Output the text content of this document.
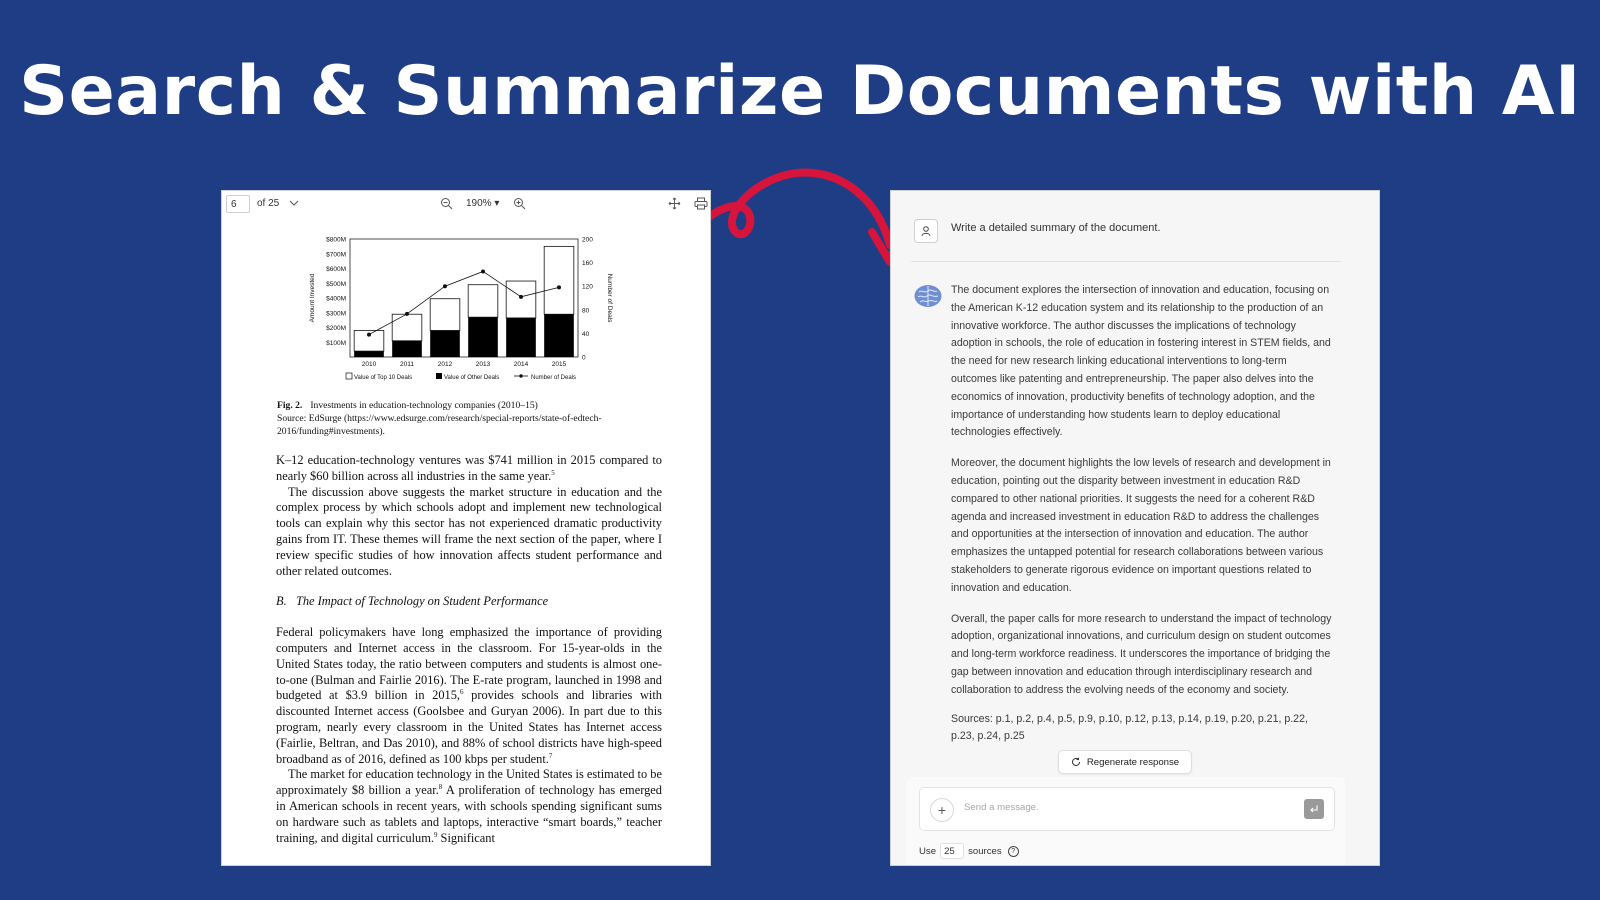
Search & Summarize Documents with AI
6	of 25	190% ▾
$100M
$200M
$300M
$400M
$500M
$600M
$700M
$800M
0
40
80
120
160
200
Amount Invested	Number of Deals
2010	2011	2012	2013	2014	2015
Value of Top 10 Deals	Value of Other Deals	Number of Deals
Fig. 2. Investments in education-technology companies (2010–15)
Source: EdSurge (https://www.edsurge.com/research/special-reports/state-of-edtech-2016/funding#investments).

K–12 education-technology ventures was $741 million in 2015 compared to nearly $60 billion across all industries in the same year.$^5$

The discussion above suggests the market structure in education and the complex process by which schools adopt and implement new technological tools can explain why this sector has not experienced dramatic productivity gains from IT. These themes will frame the next section of the paper, where I review specific studies of how innovation affects student performance and other related outcomes.

B. The Impact of Technology on Student Performance

Federal policymakers have long emphasized the importance of providing computers and Internet access in the classroom. For 15-year-olds in the United States today, the ratio between computers and students is almost one-to-one (Bulman and Fairlie 2016). The E-rate program, launched in 1998 and budgeted at $3.9 billion in 2015,$^6$ provides schools and libraries with discounted Internet access (Goolsbee and Guryan 2006). In part due to this program, nearly every classroom in the United States has Internet access (Fairlie, Beltran, and Das 2010), and 88% of school districts have high-speed broadband as of 2016, defined as 100 kbps per student.$^7$

The market for education technology in the United States is estimated to be approximately $8 billion a year.$^8$ A proliferation of technology has emerged in American schools in recent years, with schools spending significant sums on hardware such as tablets and laptops, interactive “smart boards,” teacher training, and digital curriculum.$^9$ Significant

Write a detailed summary of the document.

The document explores the intersection of innovation and education, focusing on the American K-12 education system and its relationship to the production of an innovative workforce. The author discusses the implications of technology adoption in schools, the role of education in fostering interest in STEM fields, and the need for new research linking educational interventions to long-term outcomes like patenting and entrepreneurship. The paper also delves into the economics of innovation, productivity benefits of technology adoption, and the importance of understanding how students learn to deploy educational technologies effectively.

Moreover, the document highlights the low levels of research and development in education, pointing out the disparity between investment in education R&D compared to other national priorities. It suggests the need for a coherent R&D agenda and increased investment in education R&D to address the challenges and opportunities at the intersection of innovation and education. The author emphasizes the untapped potential for research collaborations between various stakeholders to generate rigorous evidence on important questions related to innovation and education.

Overall, the paper calls for more research to understand the impact of technology adoption, organizational innovations, and curriculum design on student outcomes and long-term workforce readiness. It underscores the importance of bridging the gap between innovation and education through interdisciplinary research and collaboration to address the evolving needs of the economy and society.

Sources: p.1, p.2, p.4, p.5, p.9, p.10, p.12, p.13, p.14, p.19, p.20, p.21, p.22, p.23, p.24, p.25
Regenerate response
+
Send a message.
Use 25	sources	?
